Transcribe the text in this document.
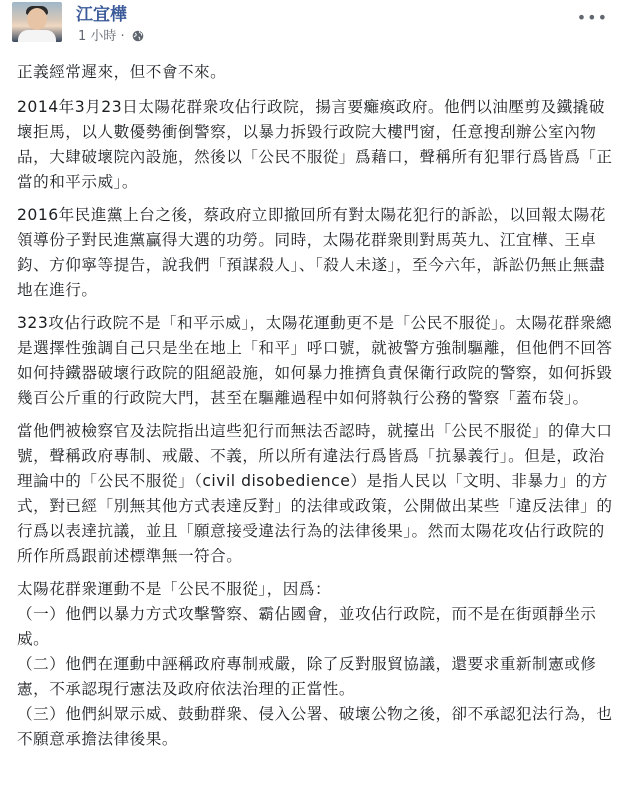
江宜樺
1 小時 ·
•••

正義經常遲來，但不會不來。

2014年3月23日太陽花群衆攻佔行政院，揚言要癱瘓政府。他們以油壓剪及鐵撬破壞拒馬，以人數優勢衝倒警察，以暴力拆毀行政院大樓門窗，任意搜刮辦公室內物品，大肆破壞院內設施，然後以「公民不服從」爲藉口，聲稱所有犯罪行爲皆爲「正當的和平示威」。

2016年民進黨上台之後，蔡政府立即撤回所有對太陽花犯行的訴訟，以回報太陽花領導份子對民進黨贏得大選的功勞。同時，太陽花群衆則對馬英九、江宜樺、王卓鈞、方仰寧等提告，說我們「預謀殺人」、「殺人未遂」，至今六年，訴訟仍無止無盡地在進行。

323攻佔行政院不是「和平示威」，太陽花運動更不是「公民不服從」。太陽花群衆總是選擇性強調自己只是坐在地上「和平」呼口號，就被警方強制驅離，但他們不回答如何持鐵器破壞行政院的阻絕設施，如何暴力推擠負責保衛行政院的警察，如何拆毀幾百公斤重的行政院大門，甚至在驅離過程中如何將執行公務的警察「蓋布袋」。

當他們被檢察官及法院指出這些犯行而無法否認時，就擡出「公民不服從」的偉大口號，聲稱政府專制、戒嚴、不義，所以所有違法行爲皆爲「抗暴義行」。但是，政治理論中的「公民不服從」（civil disobedience）是指人民以「文明、非暴力」的方式，對已經「別無其他方式表達反對」的法律或政策，公開做出某些「違反法律」的行爲以表達抗議，並且「願意接受違法行為的法律後果」。然而太陽花攻佔行政院的所作所爲跟前述標準無一符合。

太陽花群衆運動不是「公民不服從」，因爲：

（一）他們以暴力方式攻擊警察、霸佔國會，並攻佔行政院，而不是在街頭靜坐示威。

（二）他們在運動中誣稱政府專制戒嚴，除了反對服貿協議，還要求重新制憲或修憲，不承認現行憲法及政府依法治理的正當性。

（三）他們糾眾示威、鼓動群衆、侵入公署、破壞公物之後，卻不承認犯法行為，也不願意承擔法律後果。
